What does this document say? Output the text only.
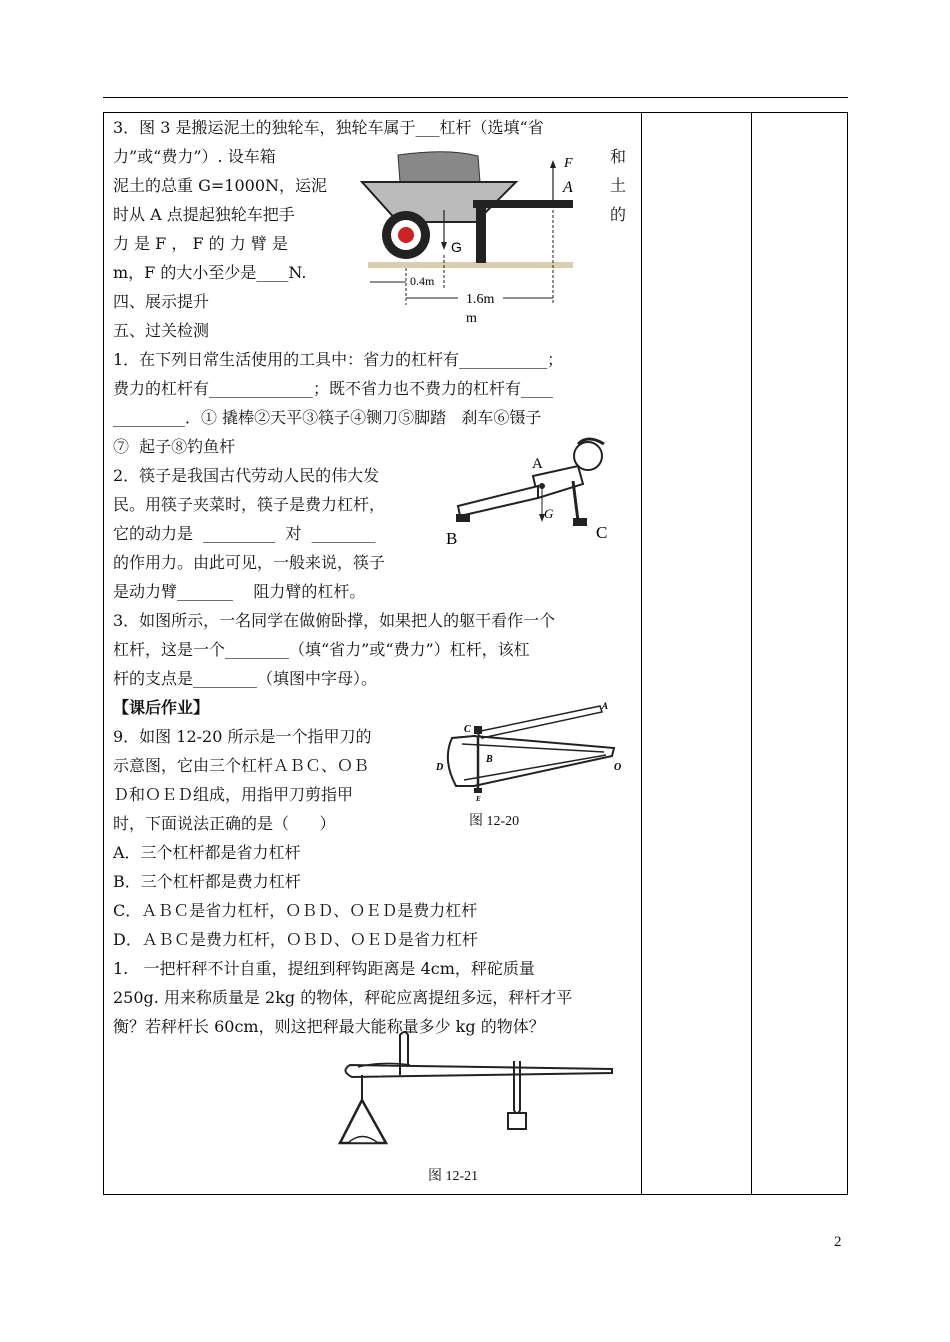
3．图 3 是搬运泥土的独轮车，独轮车属于___杠杆（选填“省
力”或“费力”）. 设车箱
泥土的总重 G=1000N，运泥
时从 A 点提起独轮车把手
力 是 F ， F 的 力 臂 是
m，F 的大小至少是____N.
和
土
的
四、展示提升
五、过关检测
1．在下列日常生活使用的工具中：省力的杠杆有___________；
费力的杠杆有_____________；既不省力也不费力的杠杆有____
_________．① 撬棒②天平③筷子④铡刀⑤脚踏   刹车⑥镊子
⑦  起子⑧钓鱼杆
2．筷子是我国古代劳动人民的伟大发
民。用筷子夹菜时，筷子是费力杠杆，
它的动力是  _________  对  ________
的作用力。由此可见，一般来说，筷子
是动力臂_______    阻力臂的杠杆。
3．如图所示，一名同学在做俯卧撑，如果把人的躯干看作一个
杠杆，这是一个________（填“省力”或“费力”）杠杆，该杠
杆的支点是________（填图中字母）。
【课后作业】
9．如图 12-20 所示是一个指甲刀的
示意图，它由三个杠杆ＡＢＣ、ＯＢ
Ｄ和ＯＥＤ组成，用指甲刀剪指甲
时，下面说法正确的是（      ）
A．三个杠杆都是省力杠杆
B．三个杠杆都是费力杠杆
C．ＡＢＣ是省力杠杆，ＯＢＤ、ＯＥＤ是费力杠杆
D．ＡＢＣ是费力杠杆，ＯＢＤ、ＯＥＤ是省力杠杆
1.   一把杆秤不计自重，提纽到秤钩距离是 4cm，秤砣质量
250g. 用来称质量是 2kg 的物体，秤砣应离提纽多远，秤杆才平
衡？若秤杆长 60cm，则这把秤最大能称量多少 kg 的物体？
F
A
G
0.4m
1.6m
m
A
G
B	C
C
A
B
D	O
E
图 12-20
图 12-21
2
